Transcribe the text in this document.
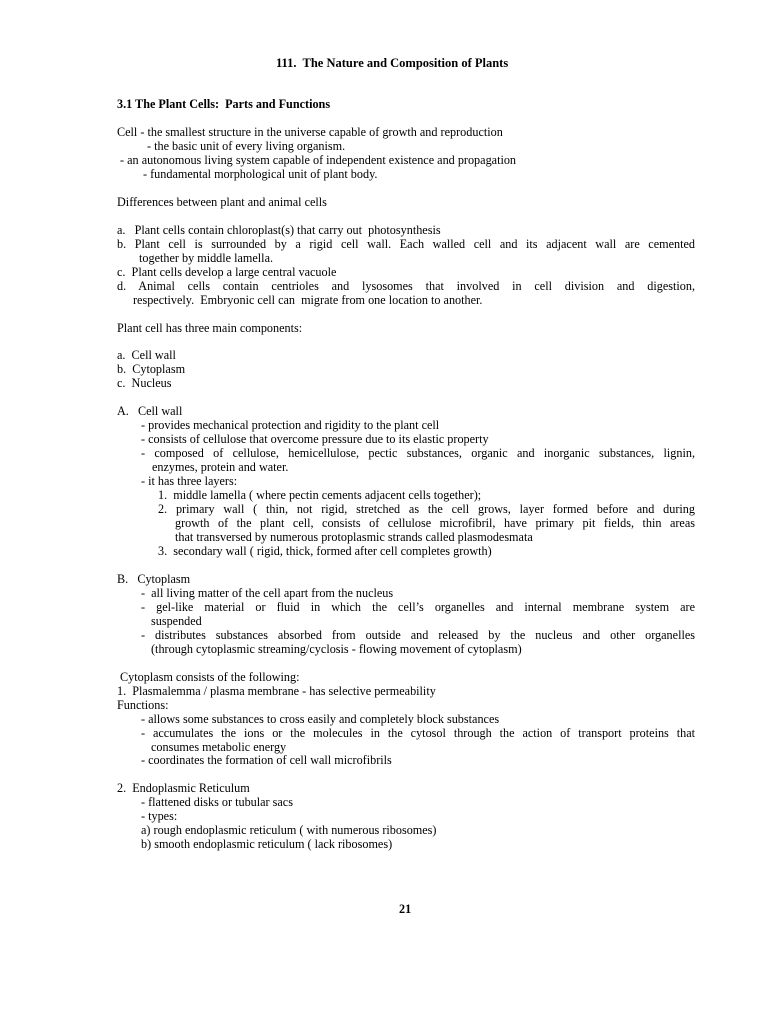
111.  The Nature and Composition of Plants
3.1 The Plant Cells:  Parts and Functions
Cell - the smallest structure in the universe capable of growth and reproduction
- the basic unit of every living organism.
- an autonomous living system capable of independent existence and propagation
- fundamental morphological unit of plant body.
Differences between plant and animal cells
a.   Plant cells contain chloroplast(s) that carry out  photosynthesis
b. Plant cell is surrounded by a rigid cell wall. Each walled cell and its adjacent wall are cemented
together by middle lamella.
c.  Plant cells develop a large central vacuole
d. Animal cells contain centrioles and lysosomes that involved in cell division and digestion,
respectively.  Embryonic cell can  migrate from one location to another.
Plant cell has three main components:
a.  Cell wall
b.  Cytoplasm
c.  Nucleus
A.   Cell wall
- provides mechanical protection and rigidity to the plant cell
- consists of cellulose that overcome pressure due to its elastic property
- composed of cellulose, hemicellulose, pectic substances, organic and inorganic substances, lignin,
enzymes, protein and water.
- it has three layers:
1.  middle lamella ( where pectin cements adjacent cells together);
2. primary wall ( thin, not rigid, stretched as the cell grows, layer formed before and during
growth of the plant cell, consists of cellulose microfibril, have primary pit fields, thin areas
that transversed by numerous protoplasmic strands called plasmodesmata
3.  secondary wall ( rigid, thick, formed after cell completes growth)
B.   Cytoplasm
-  all living matter of the cell apart from the nucleus
- gel-like material or fluid in which the cell’s organelles and internal membrane system are
suspended
- distributes substances absorbed from outside and released by the nucleus and other organelles
(through cytoplasmic streaming/cyclosis - flowing movement of cytoplasm)
Cytoplasm consists of the following:
1.  Plasmalemma / plasma membrane - has selective permeability
Functions:
- allows some substances to cross easily and completely block substances
- accumulates the ions or the molecules in the cytosol through the action of transport proteins that
consumes metabolic energy
- coordinates the formation of cell wall microfibrils
2.  Endoplasmic Reticulum
- flattened disks or tubular sacs
- types:
a) rough endoplasmic reticulum ( with numerous ribosomes)
b) smooth endoplasmic reticulum ( lack ribosomes)
21
